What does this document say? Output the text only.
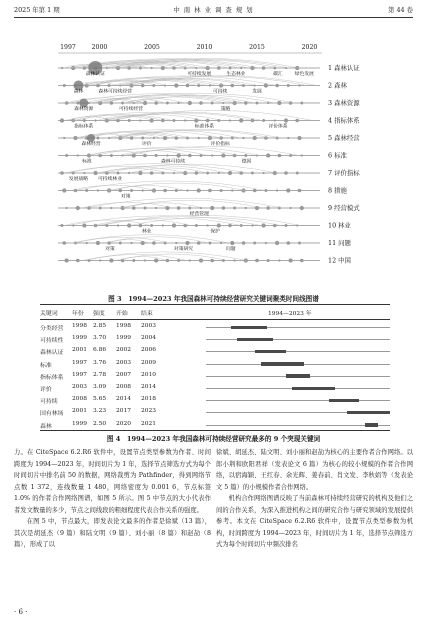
2025 年第 1 期	中 南 林 业 调 查 规 划	第 44 卷
1997	2000	2005	2010	2015	2020
1 森林认证
2 森林
3 森林资源
4 指标体系
5 森林经营
6 标准
7 评价指标
8 措施
9 经营模式
10 林业
11 问题
12 中国
森林认证	生态林业	碳汇
可持续发展	绿色发展
森林	森林可持续经营	可持续	发展
森林资源	可持续经营	策略
指标体系	标准体系	评价体系
森林经营	评价	评价指标
标准	森林可持续	德国
发展战略 可持续林业
对策
经营管理
林业	保护
对策	对策研究	问题
图 3　1994—2023 年我国森林可持续经营研究关键词聚类时间线图谱
关键词 年份 强度 开始 结束	1994—2023 年
分类经营 1998 2.85 1998 2003
可持续性 1999 3.70 1999 2004
森林认证 2001 6.86 2002 2006
标准	1997 3.76 2003 2009
指标体系 1997 2.78 2007 2010
评价	2003 3.09 2008 2014
可持续 2008 5.65 2014 2018
国有林场 2001 3.23 2017 2023
森林	1999 2.50 2020 2021
图 4　1994—2023 年我国森林可持续经营研究最多的 9 个突现关键词

力。在 CiteSpace 6.2.R6 软件中，设置节点类型参数为作者、时间跨度为 1994—2023 年，时间切片为 1 年，选择节点筛选方式为每个时间切片中排名前 50 的数据，网络裁剪为 Pathfinder，得到网络节点数 1 372，连线数量 1 480，网络密度为 0.001 6，节点标签 1.0% 的作者合作网络图谱，如图 5 所示。图 5 中节点的大小代表作者发文数量的多少，节点之间线段的粗细程度代表合作关系的强度。

在图 5 中，节点最大，即发表论文最多的作者是徐斌（13 篇），其次是胡延杰（9 篇）和陆文明（9 篇）、刘小丽（8 篇）和赵劼（8 篇），形成了以

徐斌、胡延杰、陆文明、刘小丽和赵劼为核心的主要作者合作网络。以郎小荆和欧阳君祥（发表论文 6 篇）为核心的较小规模的作者合作网络，以宿海颖、王红春、余光辉、姜春前、肖文发、李秋娟等（发表论文 5 篇）的小规模作者合作网络。

机构合作网络图谱反映了当前森林可持续经营研究的机构及他们之间的合作关系，为深入推进机构之间的研究合作与研究领域的发展提供参考。本文在 CiteSpace 6.2.R6 软件中，设置节点类型参数为机构，时间跨度为 1994—2023 年，时间切片为 1 年，选择节点筛选方式为每个时间切片中频次排名

· 6 ·
